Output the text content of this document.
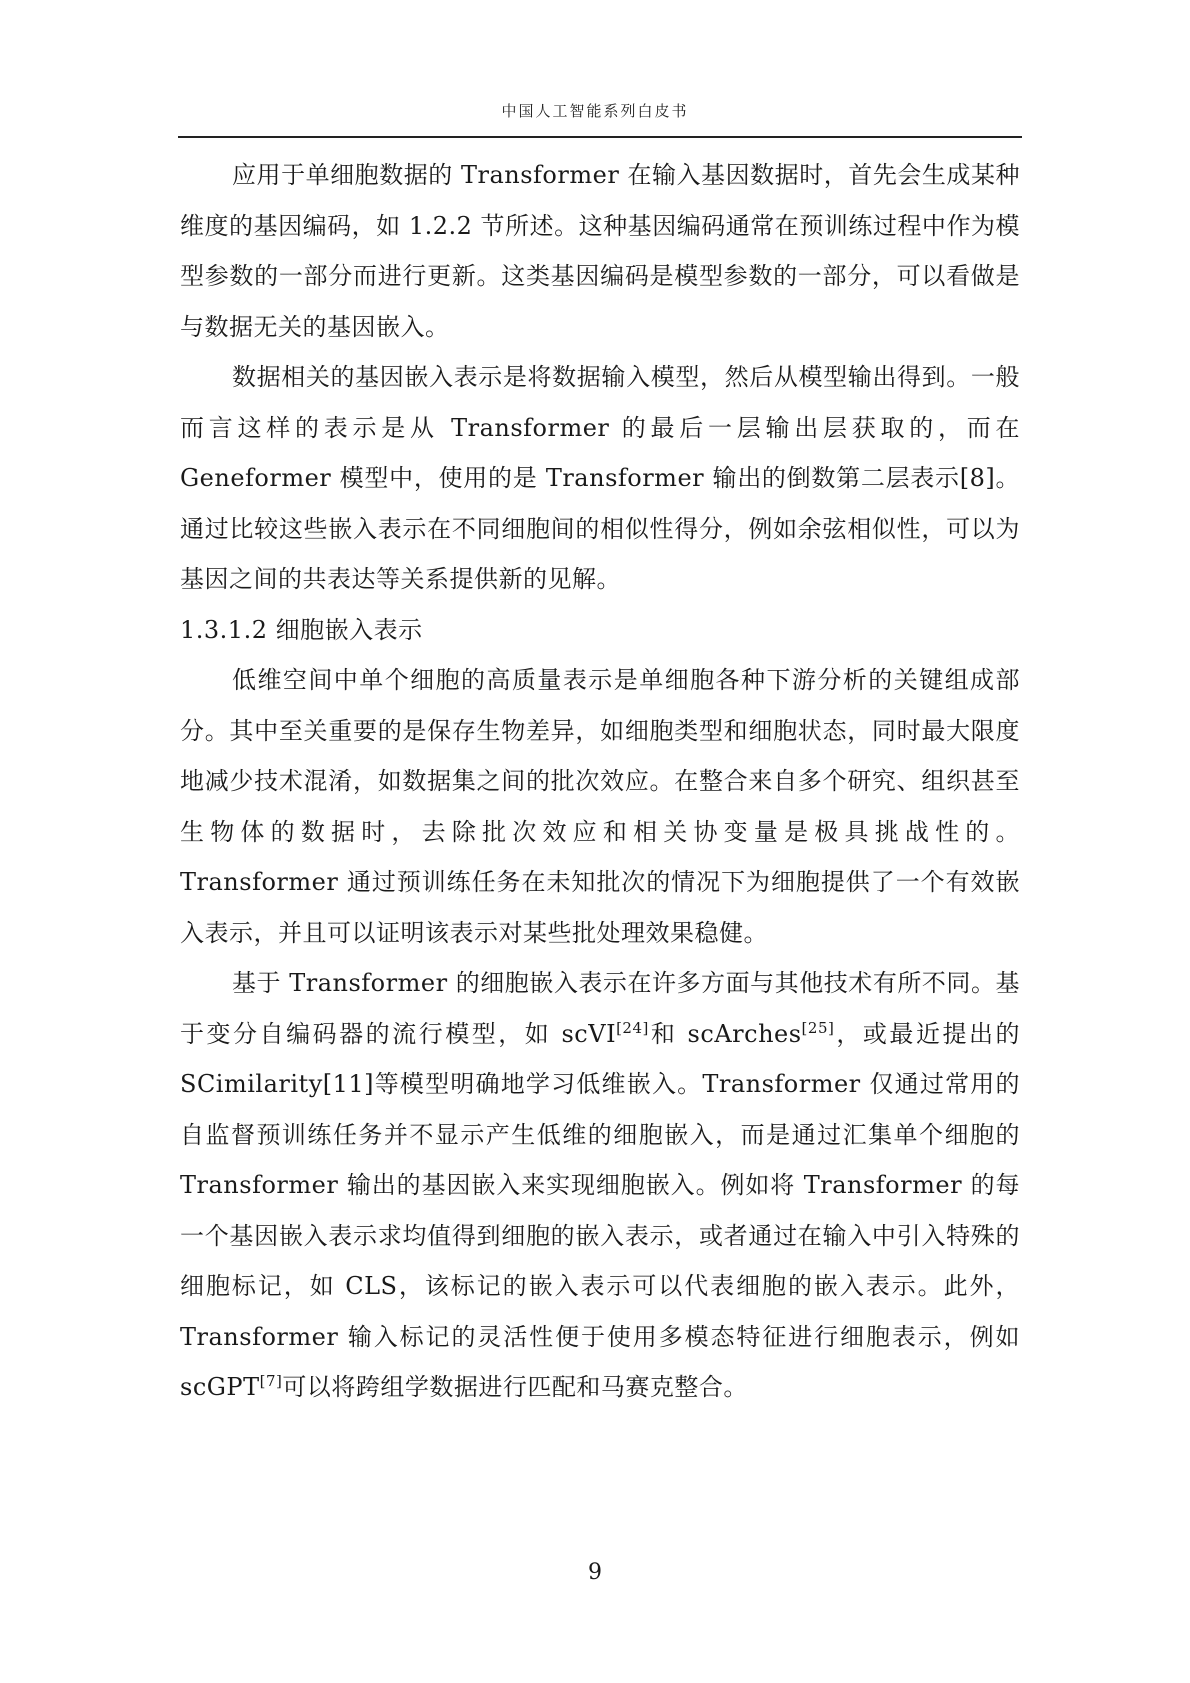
中国人工智能系列白皮书

应用于单细胞数据的 Transformer 在输入基因数据时，首先会生成某种维度的基因编码，如 1.2.2 节所述。这种基因编码通常在预训练过程中作为模型参数的一部分而进行更新。这类基因编码是模型参数的一部分，可以看做是与数据无关的基因嵌入。

数据相关的基因嵌入表示是将数据输入模型，然后从模型输出得到。一般而言这样的表示是从 Transformer 的最后一层输出层获取的，而在 Geneformer 模型中，使用的是 Transformer 输出的倒数第二层表示[8]。通过比较这些嵌入表示在不同细胞间的相似性得分，例如余弦相似性，可以为基因之间的共表达等关系提供新的见解。

1.3.1.2 细胞嵌入表示

低维空间中单个细胞的高质量表示是单细胞各种下游分析的关键组成部分。其中至关重要的是保存生物差异，如细胞类型和细胞状态，同时最大限度地减少技术混淆，如数据集之间的批次效应。在整合来自多个研究、组织甚至生物体的数据时，去除批次效应和相关协变量是极具挑战性的。Transformer 通过预训练任务在未知批次的情况下为细胞提供了一个有效嵌入表示，并且可以证明该表示对某些批处理效果稳健。

基于 Transformer 的细胞嵌入表示在许多方面与其他技术有所不同。基于变分自编码器的流行模型，如 scVI[24]和 scArches[25]，或最近提出的 SCimilarity[11]等模型明确地学习低维嵌入。Transformer 仅通过常用的自监督预训练任务并不显示产生低维的细胞嵌入，而是通过汇集单个细胞的 Transformer 输出的基因嵌入来实现细胞嵌入。例如将 Transformer 的每一个基因嵌入表示求均值得到细胞的嵌入表示，或者通过在输入中引入特殊的细胞标记，如 CLS，该标记的嵌入表示可以代表细胞的嵌入表示。此外，Transformer 输入标记的灵活性便于使用多模态特征进行细胞表示，例如 scGPT[7]可以将跨组学数据进行匹配和马赛克整合。

9
